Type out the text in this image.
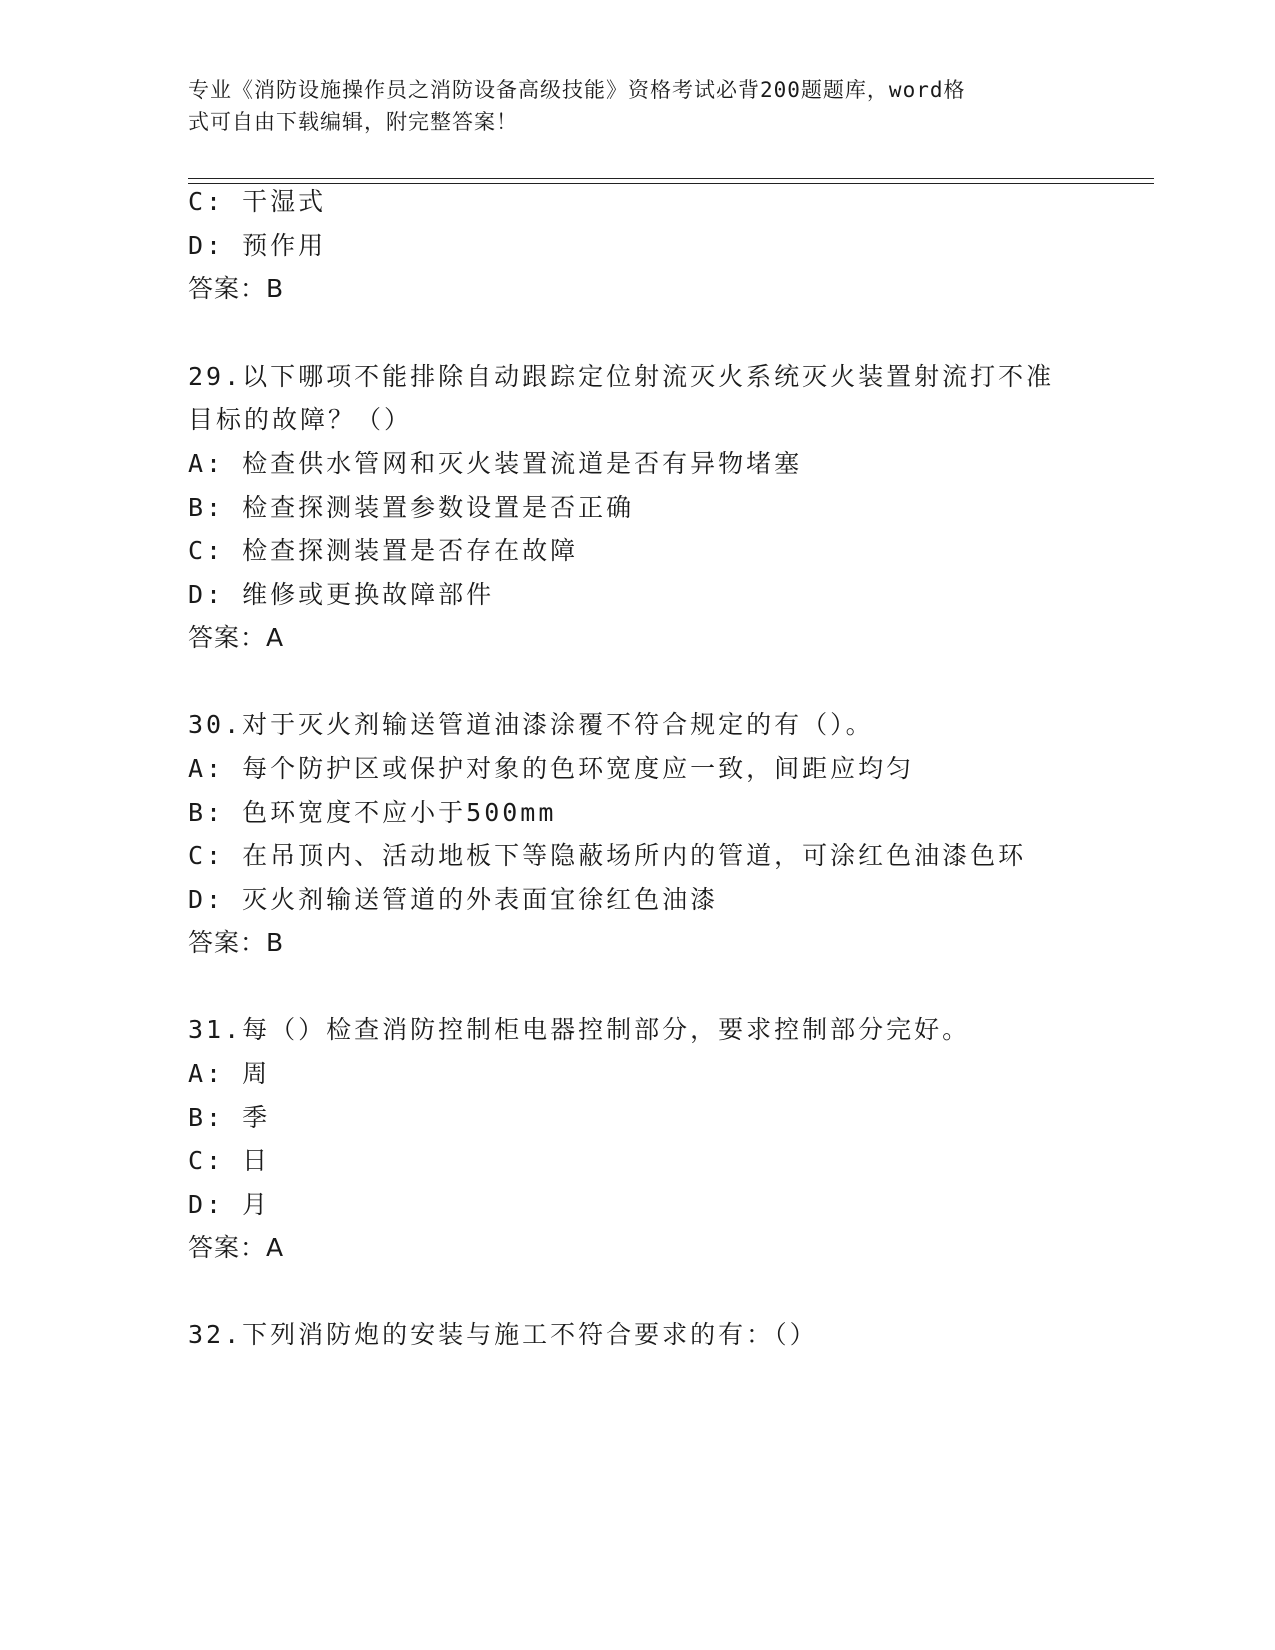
专业《消防设施操作员之消防设备高级技能》资格考试必背200题题库，word格
式可自由下载编辑，附完整答案！
C: 干湿式
D: 预作用
答案：B
29.以下哪项不能排除自动跟踪定位射流灭火系统灭火装置射流打不准
目标的故障？（）
A: 检查供水管网和灭火装置流道是否有异物堵塞
B: 检查探测装置参数设置是否正确
C: 检查探测装置是否存在故障
D: 维修或更换故障部件
答案：A
30.对于灭火剂输送管道油漆涂覆不符合规定的有（）。
A: 每个防护区或保护对象的色环宽度应一致，间距应均匀
B: 色环宽度不应小于500mm
C: 在吊顶内、活动地板下等隐蔽场所内的管道，可涂红色油漆色环
D: 灭火剂输送管道的外表面宜徐红色油漆
答案：B
31.每（）检查消防控制柜电器控制部分，要求控制部分完好。
A: 周
B: 季
C: 日
D: 月
答案：A
32.下列消防炮的安装与施工不符合要求的有：（）
